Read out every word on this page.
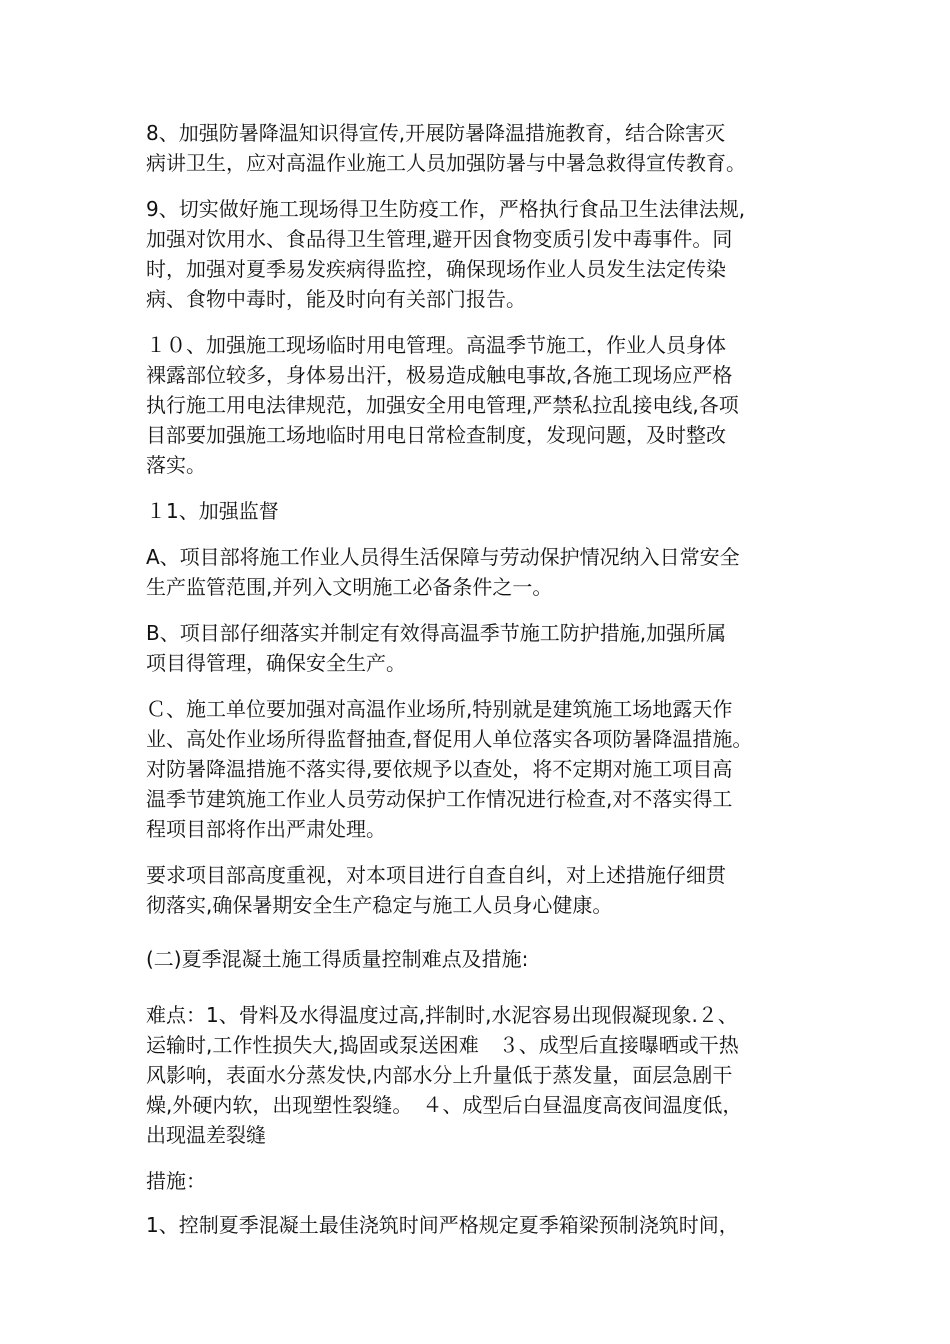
8、加强防暑降温知识得宣传,开展防暑降温措施教育，结合除害灭
病讲卫生，应对高温作业施工人员加强防暑与中暑急救得宣传教育。
9、切实做好施工现场得卫生防疫工作，严格执行食品卫生法律法规,
加强对饮用水、食品得卫生管理,避开因食物变质引发中毒事件。同
时，加强对夏季易发疾病得监控，确保现场作业人员发生法定传染
病、食物中毒时，能及时向有关部门报告。
１０、加强施工现场临时用电管理。高温季节施工，作业人员身体
裸露部位较多，身体易出汗，极易造成触电事故,各施工现场应严格
执行施工用电法律规范，加强安全用电管理,严禁私拉乱接电线,各项
目部要加强施工场地临时用电日常检查制度，发现问题，及时整改
落实。
１1、加强监督
A、项目部将施工作业人员得生活保障与劳动保护情况纳入日常安全
生产监管范围,并列入文明施工必备条件之一。
B、项目部仔细落实并制定有效得高温季节施工防护措施,加强所属
项目得管理，确保安全生产。
Ｃ、施工单位要加强对高温作业场所,特别就是建筑施工场地露天作
业、高处作业场所得监督抽查,督促用人单位落实各项防暑降温措施。
对防暑降温措施不落实得,要依规予以查处，将不定期对施工项目高
温季节建筑施工作业人员劳动保护工作情况进行检查,对不落实得工
程项目部将作出严肃处理。
要求项目部高度重视，对本项目进行自查自纠，对上述措施仔细贯
彻落实,确保暑期安全生产稳定与施工人员身心健康。
(二)夏季混凝土施工得质量控制难点及措施:
难点：1、骨料及水得温度过高,拌制时,水泥容易出现假凝现象.２、
运输时,工作性损失大,捣固或泵送困难　３、成型后直接曝晒或干热
风影响，表面水分蒸发快,内部水分上升量低于蒸发量，面层急剧干
燥,外硬内软，出现塑性裂缝。　４、成型后白昼温度高夜间温度低，
出现温差裂缝
措施：
1、控制夏季混凝土最佳浇筑时间严格规定夏季箱梁预制浇筑时间，
